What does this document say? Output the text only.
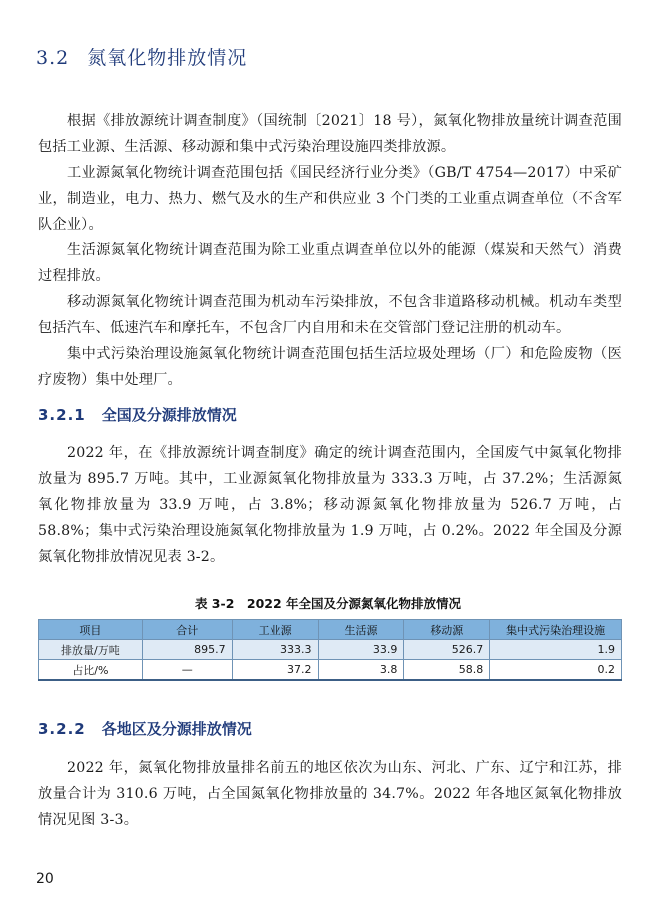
3.2 氮氧化物排放情况

根据《排放源统计调查制度》（国统制〔2021〕18 号），氮氧化物排放量统计调查范围包括工业源、生活源、移动源和集中式污染治理设施四类排放源。

工业源氮氧化物统计调查范围包括《国民经济行业分类》（GB/T 4754—2017）中采矿业，制造业，电力、热力、燃气及水的生产和供应业 3 个门类的工业重点调查单位（不含军队企业）。

生活源氮氧化物统计调查范围为除工业重点调查单位以外的能源（煤炭和天然气）消费过程排放。

移动源氮氧化物统计调查范围为机动车污染排放，不包含非道路移动机械。机动车类型包括汽车、低速汽车和摩托车，不包含厂内自用和未在交管部门登记注册的机动车。

集中式污染治理设施氮氧化物统计调查范围包括生活垃圾处理场（厂）和危险废物（医疗废物）集中处理厂。

3.2.1 全国及分源排放情况

2022 年，在《排放源统计调查制度》确定的统计调查范围内，全国废气中氮氧化物排放量为 895.7 万吨。其中，工业源氮氧化物排放量为 333.3 万吨，占 37.2%；生活源氮氧化物排放量为 33.9 万吨，占 3.8%；移动源氮氧化物排放量为 526.7 万吨，占 58.8%；集中式污染治理设施氮氧化物排放量为 1.9 万吨，占 0.2%。2022 年全国及分源氮氧化物排放情况见表 3-2。

表 3-2　2022 年全国及分源氮氧化物排放情况
项目	合计	工业源	生活源	移动源	集中式污染治理设施
排放量/万吨	895.7	333.3	33.9	526.7	1.9
占比/%	—	37.2	3.8	58.8	0.2
3.2.2 各地区及分源排放情况

2022 年，氮氧化物排放量排名前五的地区依次为山东、河北、广东、辽宁和江苏，排放量合计为 310.6 万吨，占全国氮氧化物排放量的 34.7%。2022 年各地区氮氧化物排放情况见图 3-3。

20
